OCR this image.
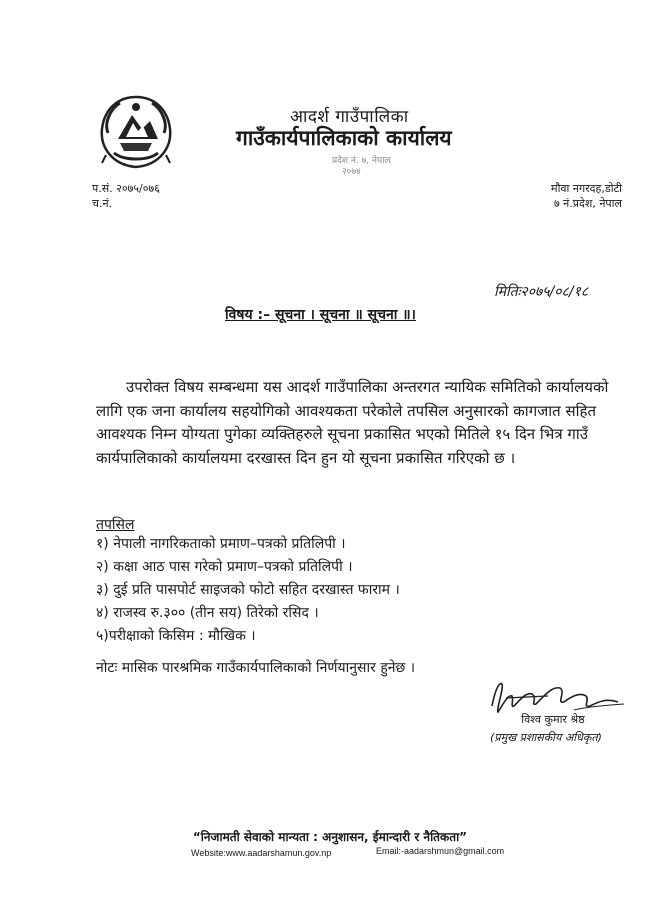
आदर्श गाउँपालिका
गाउँकार्यपालिकाको कार्यालय
प्रदेश नं. ७, नेपाल
२०७४
प.सं. २०७५/०७६
च.नं.
मौवा नगरदह,डोटी
७ नं.प्रदेश, नेपाल
मितिः२०७५/०८/१८
विषय :– सूचना । सूचना ॥ सूचना ॥।
उपरोक्त विषय सम्बन्धमा यस आदर्श गाउँपालिका अन्तरगत न्यायिक समितिको कार्यालयको लागि एक जना कार्यालय सहयोगिको आवश्यकता परेकोले तपसिल अनुसारको कागजात सहित आवश्यक निम्न योग्यता पुगेका व्यक्तिहरुले सूचना प्रकासित भएको मितिले १५ दिन भित्र गाउँ कार्यपालिकाको कार्यालयमा दरखास्त दिन हुन यो सूचना प्रकासित गरिएको छ ।
तपसिल
१) नेपाली नागरिकताको प्रमाण–पत्रको प्रतिलिपी ।
२) कक्षा आठ पास गरेको प्रमाण–पत्रको प्रतिलिपी ।
३) दुई प्रति पासपोर्ट साइजको फोटो सहित दरखास्त फाराम ।
४) राजस्व रु.३०० (तीन सय) तिरेको रसिद ।
५)परीक्षाको किसिम : मौखिक ।
नोटः मासिक पारश्रमिक गाउँकार्यपालिकाको निर्णयानुसार हुनेछ ।
विश्व कुमार श्रेष्ठ
(प्रमुख प्रशासकीय अधिकृत)
“निजामती सेवाको मान्यता : अनुशासन, ईमान्दारी र नैतिकता”
Website:www.aadarshamun.gov.np	Email:-aadarshmun@gmail.com
